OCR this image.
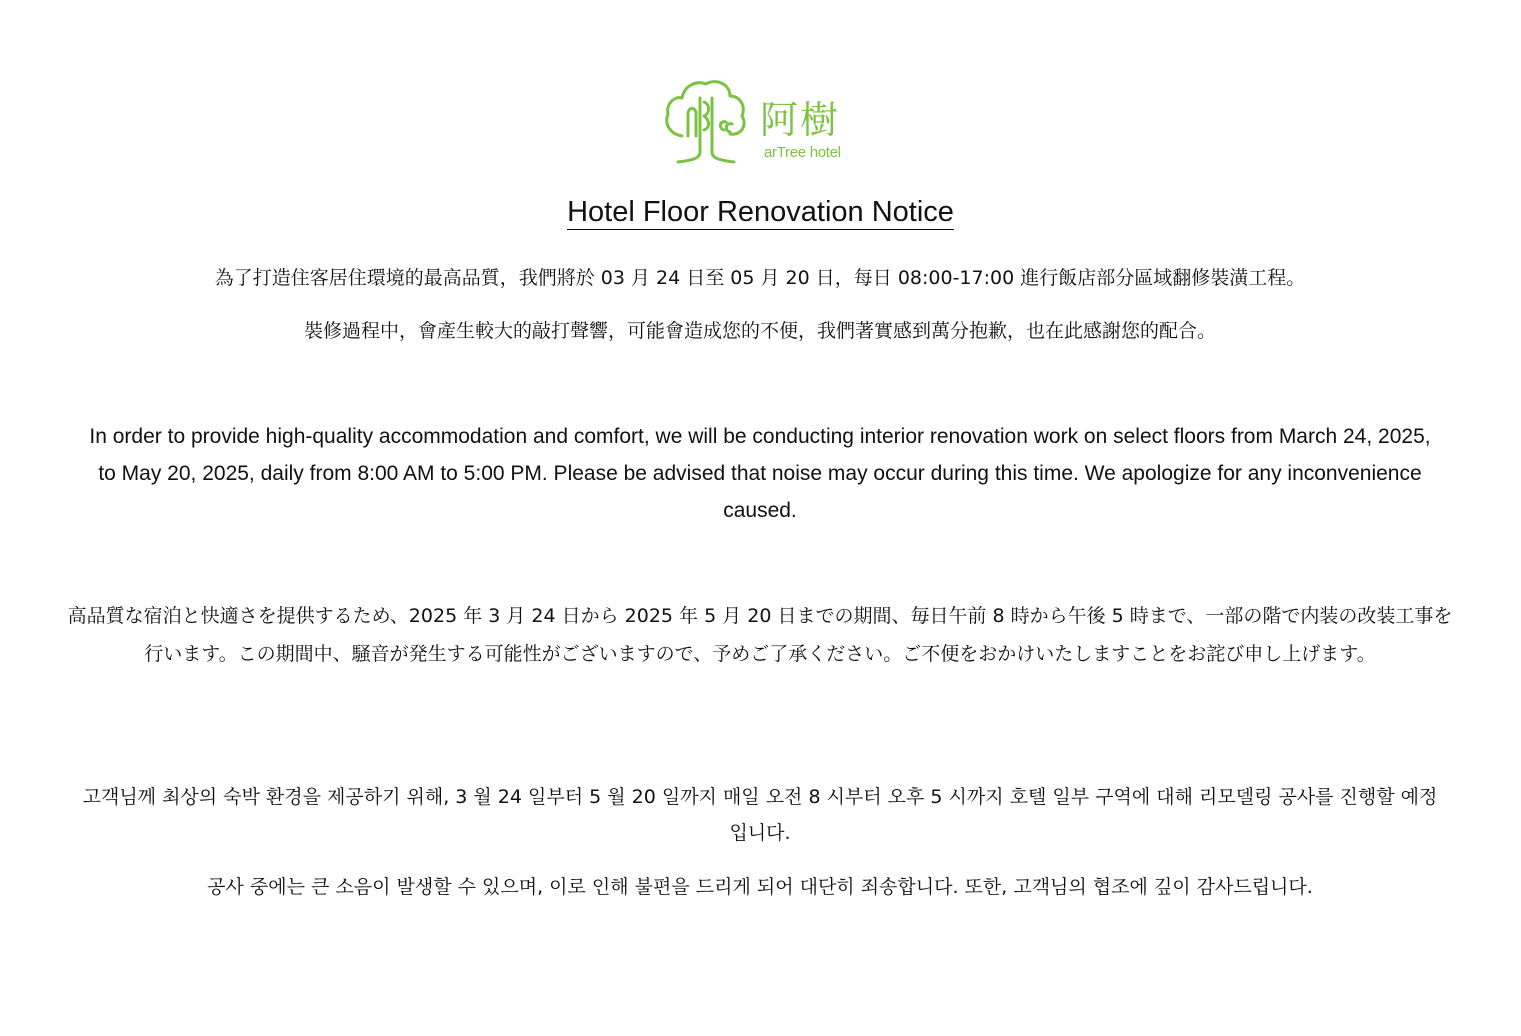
阿樹
arTree hotel
Hotel Floor Renovation Notice
為了打造住客居住環境的最高品質，我們將於 03 月 24 日至 05 月 20 日，每日 08:00-17:00 進行飯店部分區域翻修裝潢工程。
裝修過程中，會產生較大的敲打聲響，可能會造成您的不便，我們著實感到萬分抱歉，也在此感謝您的配合。
In order to provide high-quality accommodation and comfort, we will be conducting interior renovation work on select floors from March 24, 2025, to May 20, 2025, daily from 8:00 AM to 5:00 PM. Please be advised that noise may occur during this time. We apologize for any inconvenience caused.
高品質な宿泊と快適さを提供するため、2025 年 3 月 24 日から 2025 年 5 月 20 日までの期間、毎日午前 8 時から午後 5 時まで、一部の階で内装の改装工事を行います。この期間中、騒音が発生する可能性がございますので、予めご了承ください。ご不便をおかけいたしますことをお詫び申し上げます。
고객님께 최상의 숙박 환경을 제공하기 위해, 3 월 24 일부터 5 월 20 일까지 매일 오전 8 시부터 오후 5 시까지 호텔 일부 구역에 대해 리모델링 공사를 진행할 예정입니다.
공사 중에는 큰 소음이 발생할 수 있으며, 이로 인해 불편을 드리게 되어 대단히 죄송합니다. 또한, 고객님의 협조에 깊이 감사드립니다.
